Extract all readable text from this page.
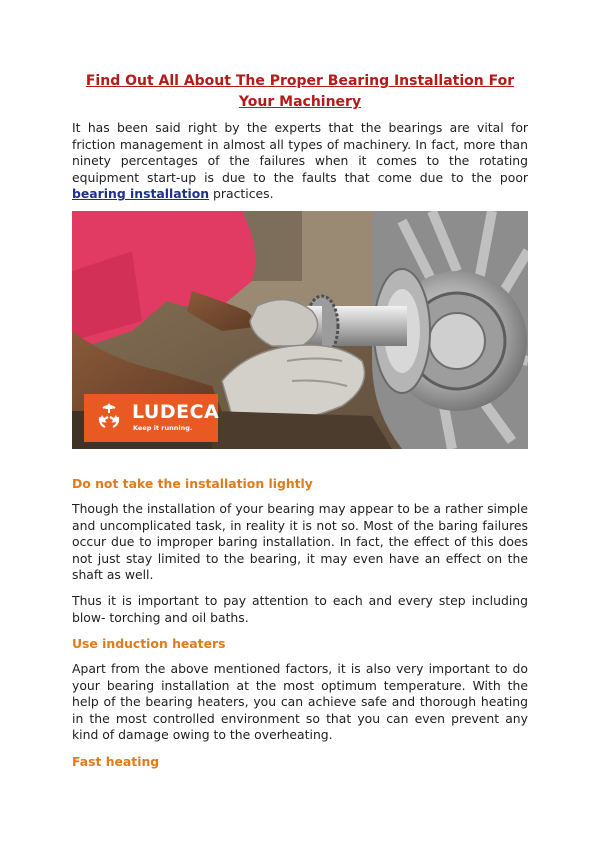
Find Out All About The Proper Bearing Installation For Your Machinery

It has been said right by the experts that the bearings are vital for friction management in almost all types of machinery. In fact, more than ninety percentages of the failures when it comes to the rotating equipment start-up is due to the faults that come due to the poor bearing installation practices.

LUDECA
Keep it running.
Do not take the installation lightly

Though the installation of your bearing may appear to be a rather simple and uncomplicated task, in reality it is not so. Most of the baring failures occur due to improper baring installation. In fact, the effect of this does not just stay limited to the bearing, it may even have an effect on the shaft as well.

Thus it is important to pay attention to each and every step including blow- torching and oil baths.

Use induction heaters

Apart from the above mentioned factors, it is also very important to do your bearing installation at the most optimum temperature. With the help of the bearing heaters, you can achieve safe and thorough heating in the most controlled environment so that you can even prevent any kind of damage owing to the overheating.

Fast heating
